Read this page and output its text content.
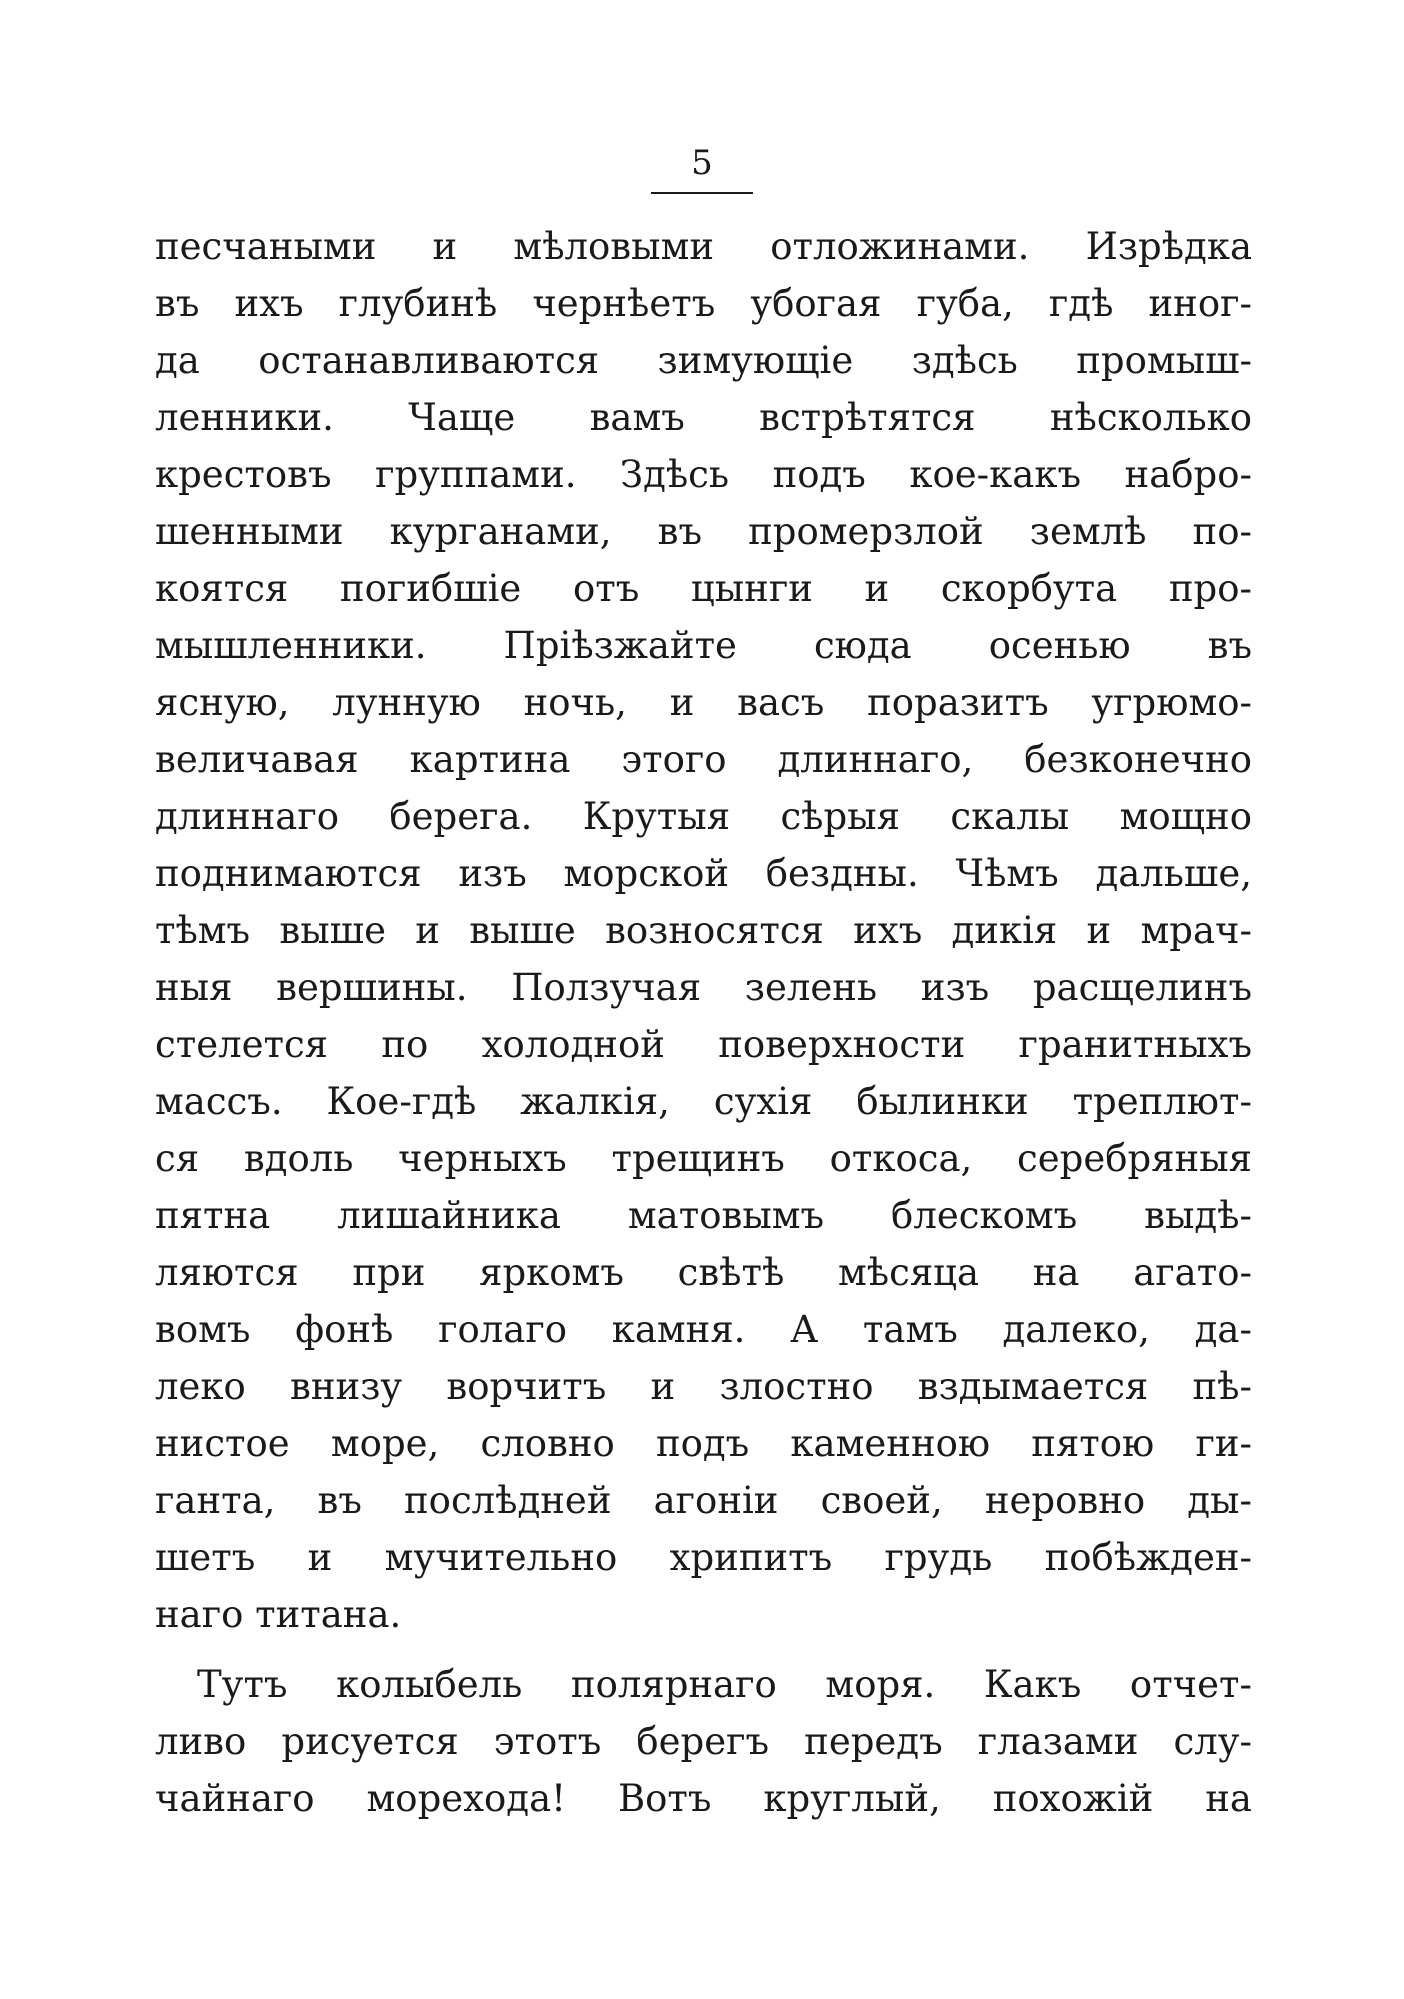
5
песчаными и мѣловыми отложинами. Изрѣдка
въ ихъ глубинѣ чернѣетъ убогая губа, гдѣ иног-
да останавливаются зимующіе здѣсь промыш-
ленники. Чаще вамъ встрѣтятся нѣсколько
крестовъ группами. Здѣсь подъ кое-какъ набро-
шенными курганами, въ промерзлой землѣ по-
коятся погибшіе отъ цынги и скорбута про-
мышленники. Пріѣзжайте сюда осенью въ
ясную, лунную ночь, и васъ поразитъ угрюмо-
величавая картина этого длиннаго, безконечно
длиннаго берега. Крутыя сѣрыя скалы мощно
поднимаются изъ морской бездны. Чѣмъ дальше,
тѣмъ выше и выше возносятся ихъ дикія и мрач-
ныя вершины. Ползучая зелень изъ расщелинъ
стелется по холодной поверхности гранитныхъ
массъ. Кое-гдѣ жалкія, сухія былинки треплют-
ся вдоль черныхъ трещинъ откоса, серебряныя
пятна лишайника матовымъ блескомъ выдѣ-
ляются при яркомъ свѣтѣ мѣсяца на агато-
вомъ фонѣ голаго камня. А тамъ далеко, да-
леко внизу ворчитъ и злостно вздымается пѣ-
нистое море, словно подъ каменною пятою ги-
ганта, въ послѣдней агоніи своей, неровно ды-
шетъ и мучительно хрипитъ грудь побѣжден-
наго титана.
Тутъ колыбель полярнаго моря. Какъ отчет-
ливо рисуется этотъ берегъ передъ глазами слу-
чайнаго морехода! Вотъ круглый, похожій на
